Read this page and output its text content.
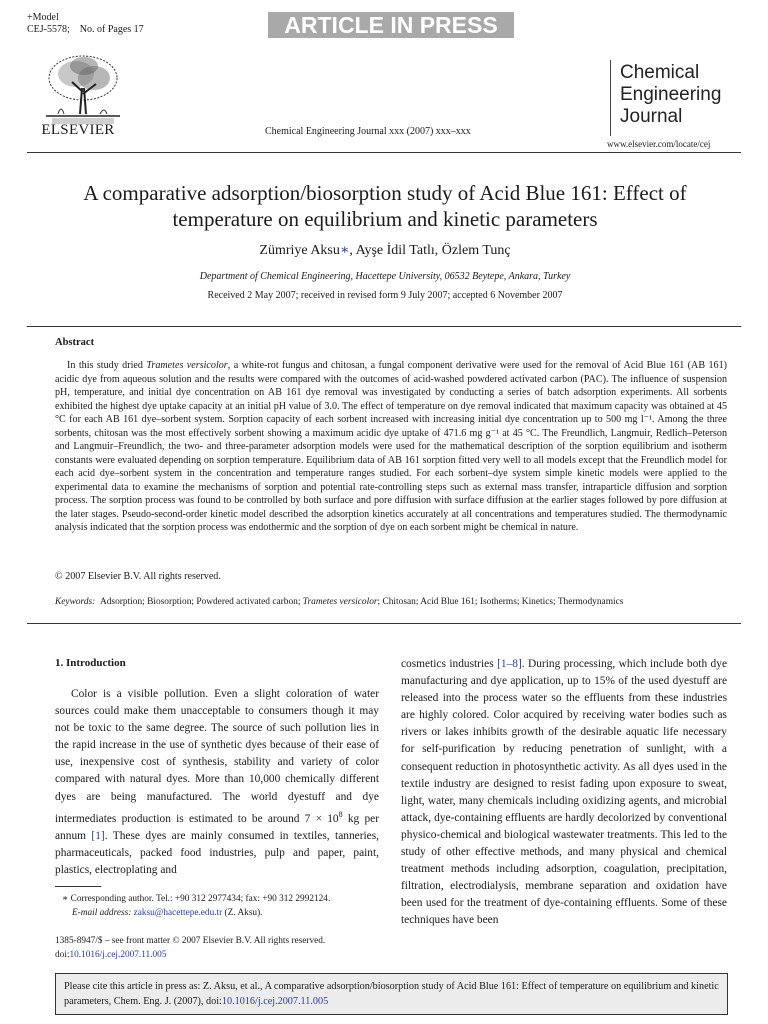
+Model
CEJ-5578;    No. of Pages 17	ARTICLE IN PRESS
ELSEVIER	Chemical Engineering Journal xxx (2007) xxx–xxx
Chemical
Engineering
Journal
www.elsevier.com/locate/cej
A comparative adsorption/biosorption study of Acid Blue 161: Effect of temperature on equilibrium and kinetic parameters
Zümriye Aksu∗, Ayşe İdil Tatlı, Özlem Tunç
Department of Chemical Engineering, Hacettepe University, 06532 Beytepe, Ankara, Turkey
Received 2 May 2007; received in revised form 9 July 2007; accepted 6 November 2007
Abstract
In this study dried Trametes versicolor, a white-rot fungus and chitosan, a fungal component derivative were used for the removal of Acid Blue 161 (AB 161) acidic dye from aqueous solution and the results were compared with the outcomes of acid-washed powdered activated carbon (PAC). The influence of suspension pH, temperature, and initial dye concentration on AB 161 dye removal was investigated by conducting a series of batch adsorption experiments. All sorbents exhibited the highest dye uptake capacity at an initial pH value of 3.0. The effect of temperature on dye removal indicated that maximum capacity was obtained at 45 °C for each AB 161 dye–sorbent system. Sorption capacity of each sorbent increased with increasing initial dye concentration up to 500 mg l⁻¹. Among the three sorbents, chitosan was the most effectively sorbent showing a maximum acidic dye uptake of 471.6 mg g⁻¹ at 45 °C. The Freundlich, Langmuir, Redlich–Peterson and Langmuir–Freundlich, the two- and three-parameter adsorption models were used for the mathematical description of the sorption equilibrium and isotherm constants were evaluated depending on sorption temperature. Equilibrium data of AB 161 sorption fitted very well to all models except that the Freundlich model for each acid dye–sorbent system in the concentration and temperature ranges studied. For each sorbent–dye system simple kinetic models were applied to the experimental data to examine the mechanisms of sorption and potential rate-controlling steps such as external mass transfer, intraparticle diffusion and sorption process. The sorption process was found to be controlled by both surface and pore diffusion with surface diffusion at the earlier stages followed by pore diffusion at the later stages. Pseudo-second-order kinetic model described the adsorption kinetics accurately at all concentrations and temperatures studied. The thermodynamic analysis indicated that the sorption process was endothermic and the sorption of dye on each sorbent might be chemical in nature.
© 2007 Elsevier B.V. All rights reserved.
Keywords: Adsorption; Biosorption; Powdered activated carbon; Trametes versicolor; Chitosan; Acid Blue 161; Isotherms; Kinetics; Thermodynamics
1. Introduction
Color is a visible pollution. Even a slight coloration of water sources could make them unacceptable to consumers though it may not be toxic to the same degree. The source of such pollution lies in the rapid increase in the use of synthetic dyes because of their ease of use, inexpensive cost of synthesis, stability and variety of color compared with natural dyes. More than 10,000 chemically different dyes are being manufactured. The world dyestuff and dye intermediates production is estimated to be around $7 \times 10^8$ kg per annum [1]. These dyes are mainly consumed in textiles, tanneries, pharmaceuticals, packed food industries, pulp and paper, paint, plastics, electroplating and
cosmetics industries [1–8]. During processing, which include both dye manufacturing and dye application, up to 15% of the used dyestuff are released into the process water so the effluents from these industries are highly colored. Color acquired by receiving water bodies such as rivers or lakes inhibits growth of the desirable aquatic life necessary for self-purification by reducing penetration of sunlight, with a consequent reduction in photosynthetic activity. As all dyes used in the textile industry are designed to resist fading upon exposure to sweat, light, water, many chemicals including oxidizing agents, and microbial attack, dye-containing effluents are hardly decolorized by conventional physico-chemical and biological wastewater treatments. This led to the study of other effective methods, and many physical and chemical treatment methods including adsorption, coagulation, precipitation, filtration, electrodialysis, membrane separation and oxidation have been used for the treatment of dye-containing effluents. Some of these techniques have been
∗ Corresponding author. Tel.: +90 312 2977434; fax: +90 312 2992124.
E-mail address: zaksu@hacettepe.edu.tr (Z. Aksu).
1385-8947/$ – see front matter © 2007 Elsevier B.V. All rights reserved.
doi:10.1016/j.cej.2007.11.005
Please cite this article in press as: Z. Aksu, et al., A comparative adsorption/biosorption study of Acid Blue 161: Effect of temperature on equilibrium and kinetic parameters, Chem. Eng. J. (2007), doi:10.1016/j.cej.2007.11.005
